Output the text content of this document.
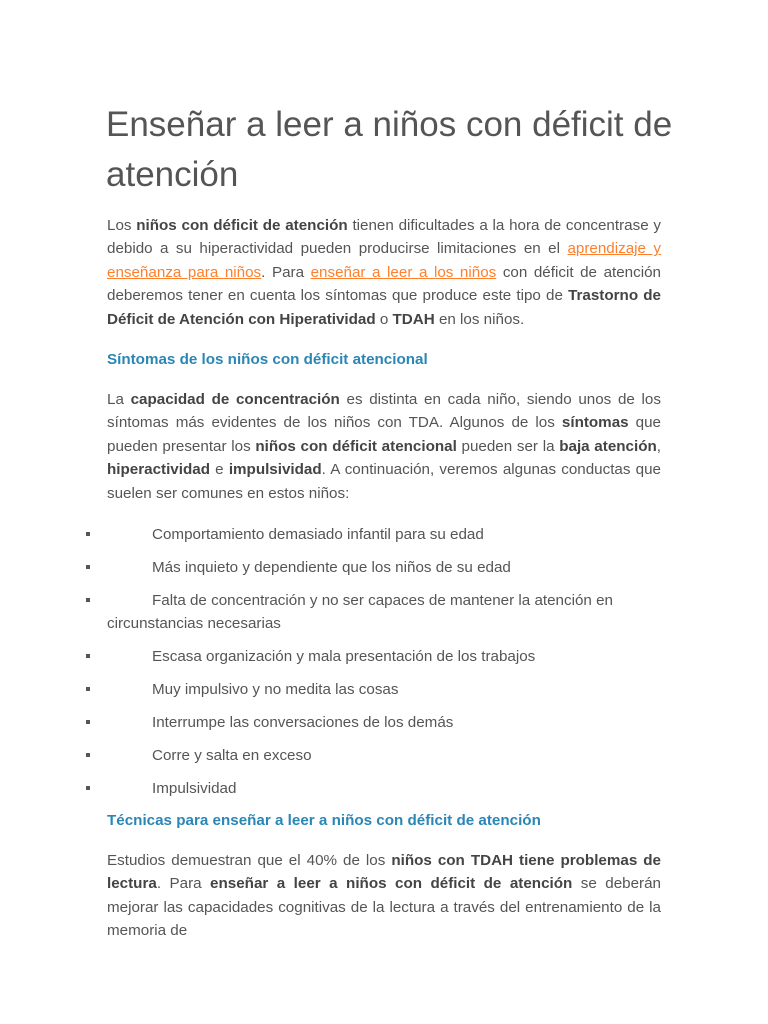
Enseñar a leer a niños con déficit de atención

Los niños con déficit de atención tienen dificultades a la hora de concentrase y debido a su hiperactividad pueden producirse limitaciones en el aprendizaje y enseñanza para niños. Para enseñar a leer a los niños con déficit de atención deberemos tener en cuenta los síntomas que produce este tipo de Trastorno de Déficit de Atención con Hiperatividad o TDAH en los niños.

Síntomas de los niños con déficit atencional

La capacidad de concentración es distinta en cada niño, siendo unos de los síntomas más evidentes de los niños con TDA. Algunos de los síntomas que pueden presentar los niños con déficit atencional pueden ser la baja atención, hiperactividad e impulsividad. A continuación, veremos algunas conductas que suelen ser comunes en estos niños:

Comportamiento demasiado infantil para su edad
Más inquieto y dependiente que los niños de su edad
Falta de concentración y no ser capaces de mantener la atención en
circunstancias necesarias
Escasa organización y mala presentación de los trabajos
Muy impulsivo y no medita las cosas
Interrumpe las conversaciones de los demás
Corre y salta en exceso
Impulsividad
Técnicas para enseñar a leer a niños con déficit de atención

Estudios demuestran que el 40% de los niños con TDAH tiene problemas de lectura. Para enseñar a leer a niños con déficit de atención se deberán mejorar las capacidades cognitivas de la lectura a través del entrenamiento de la memoria de
